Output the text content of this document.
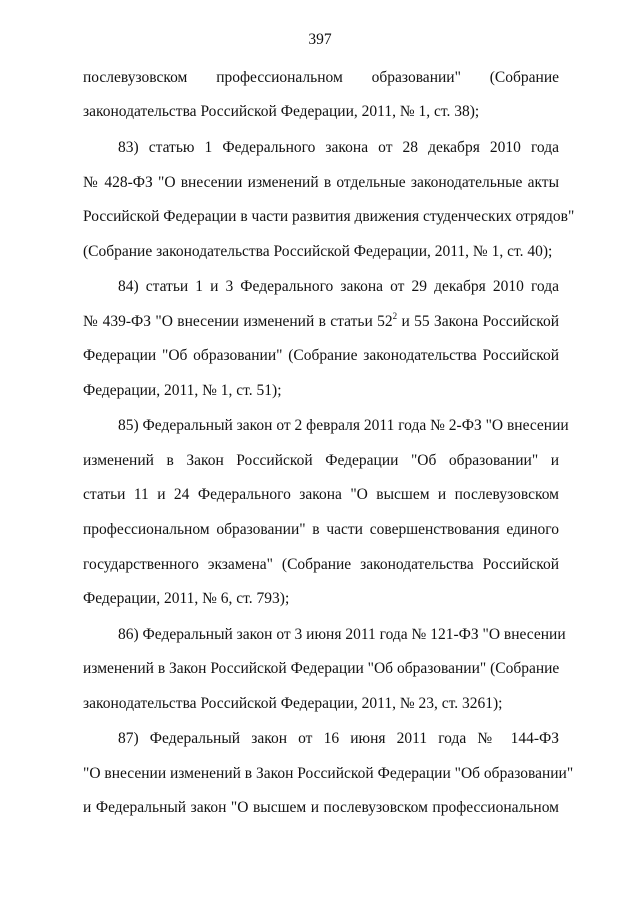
397
послевузовском профессиональном образовании" (Собрание
законодательства Российской Федерации, 2011, № 1, ст. 38);
83) статью 1 Федерального закона от 28 декабря 2010 года
№ 428-ФЗ "О внесении изменений в отдельные законодательные акты
Российской Федерации в части развития движения студенческих отрядов"
(Собрание законодательства Российской Федерации, 2011, № 1, ст. 40);
84) статьи 1 и 3 Федерального закона от 29 декабря 2010 года
№ 439-ФЗ "О внесении изменений в статьи $52^2$ и 55 Закона Российской
Федерации "Об образовании" (Собрание законодательства Российской
Федерации, 2011, № 1, ст. 51);
85) Федеральный закон от 2 февраля 2011 года № 2-ФЗ "О внесении
изменений в Закон Российской Федерации "Об образовании" и
статьи 11 и 24 Федерального закона "О высшем и послевузовском
профессиональном образовании" в части совершенствования единого
государственного экзамена" (Собрание законодательства Российской
Федерации, 2011, № 6, ст. 793);
86) Федеральный закон от 3 июня 2011 года № 121-ФЗ "О внесении
изменений в Закон Российской Федерации "Об образовании" (Собрание
законодательства Российской Федерации, 2011, № 23, ст. 3261);
87) Федеральный закон от 16 июня 2011 года № 144-ФЗ
"О внесении изменений в Закон Российской Федерации "Об образовании"
и Федеральный закон "О высшем и послевузовском профессиональном
